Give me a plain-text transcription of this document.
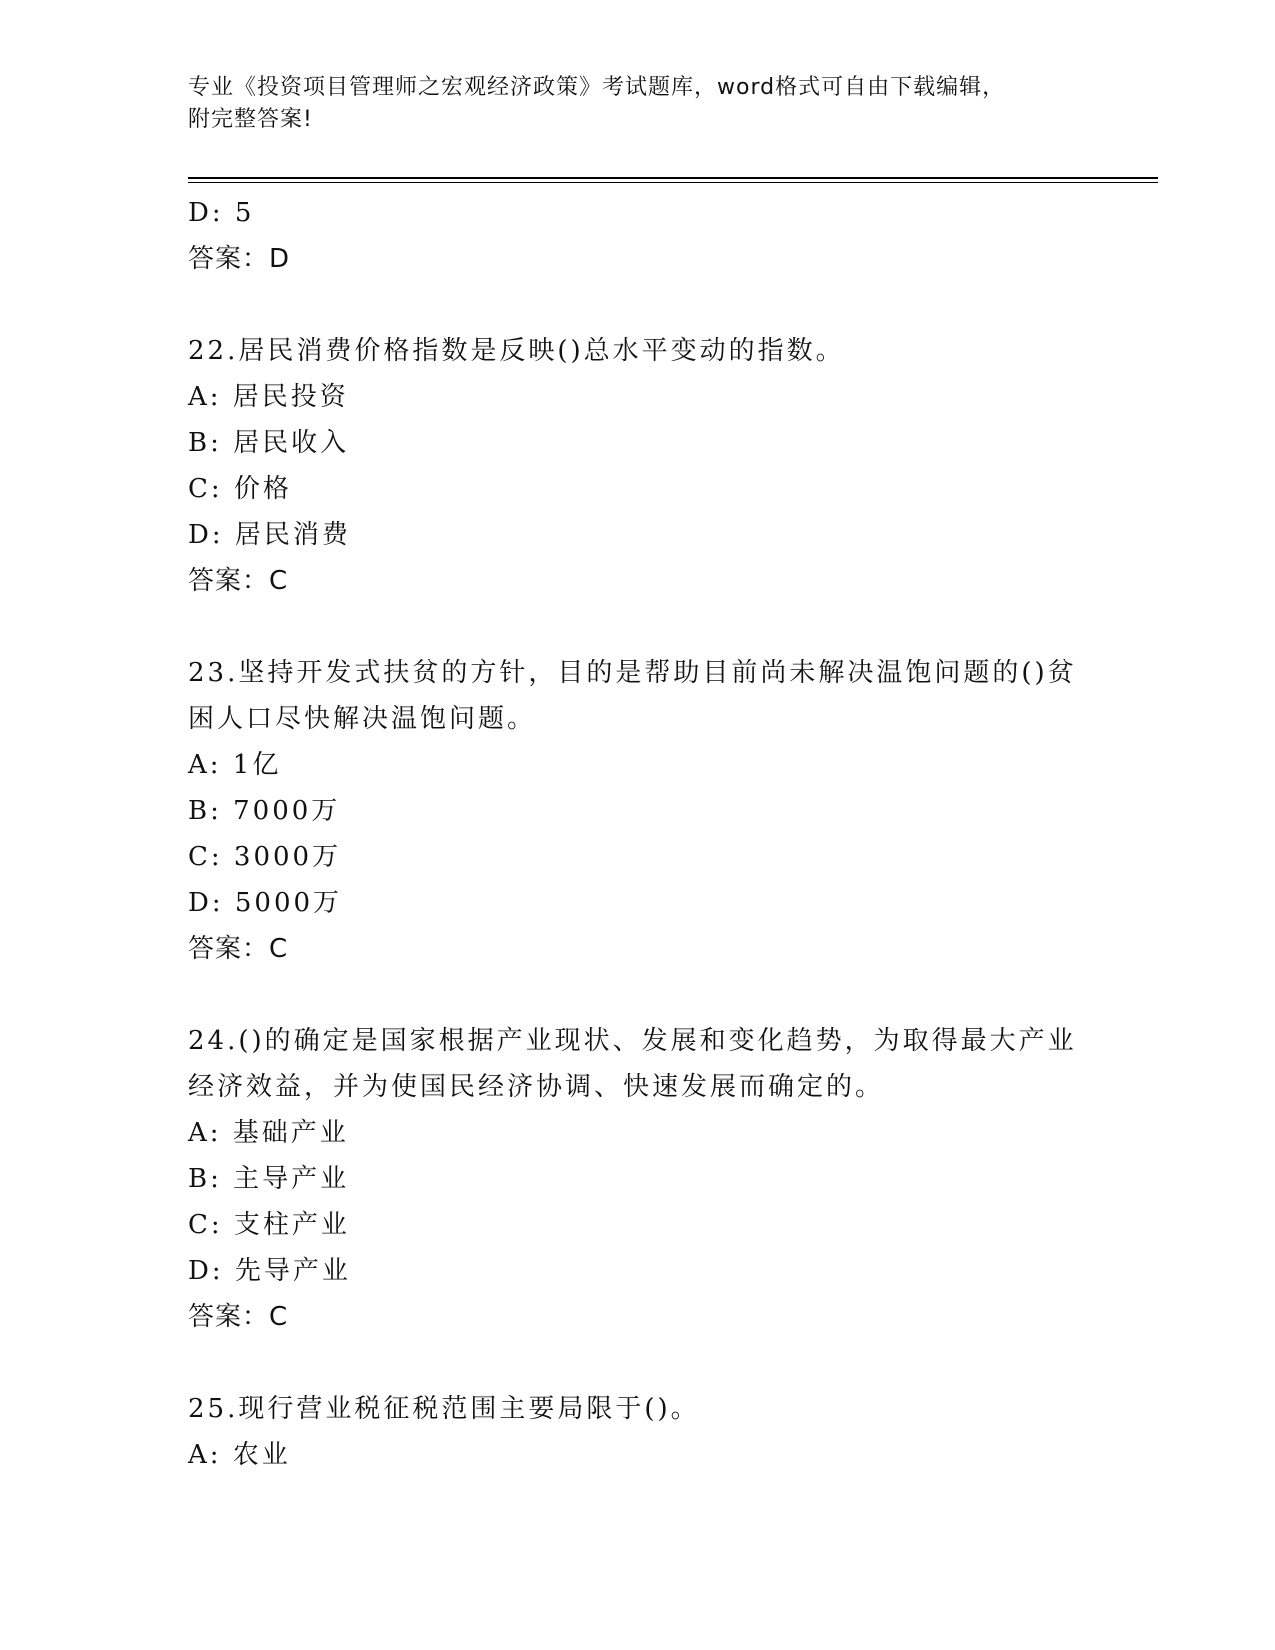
专业《投资项目管理师之宏观经济政策》考试题库，word格式可自由下载编辑，
附完整答案!
D: 5
答案：D
22.居民消费价格指数是反映()总水平变动的指数。
A: 居民投资
B: 居民收入
C: 价格
D: 居民消费
答案：C
23.坚持开发式扶贫的方针，目的是帮助目前尚未解决温饱问题的()贫
困人口尽快解决温饱问题。
A: 1亿
B: 7000万
C: 3000万
D: 5000万
答案：C
24.()的确定是国家根据产业现状、发展和变化趋势，为取得最大产业
经济效益，并为使国民经济协调、快速发展而确定的。
A: 基础产业
B: 主导产业
C: 支柱产业
D: 先导产业
答案：C
25.现行营业税征税范围主要局限于()。
A: 农业
